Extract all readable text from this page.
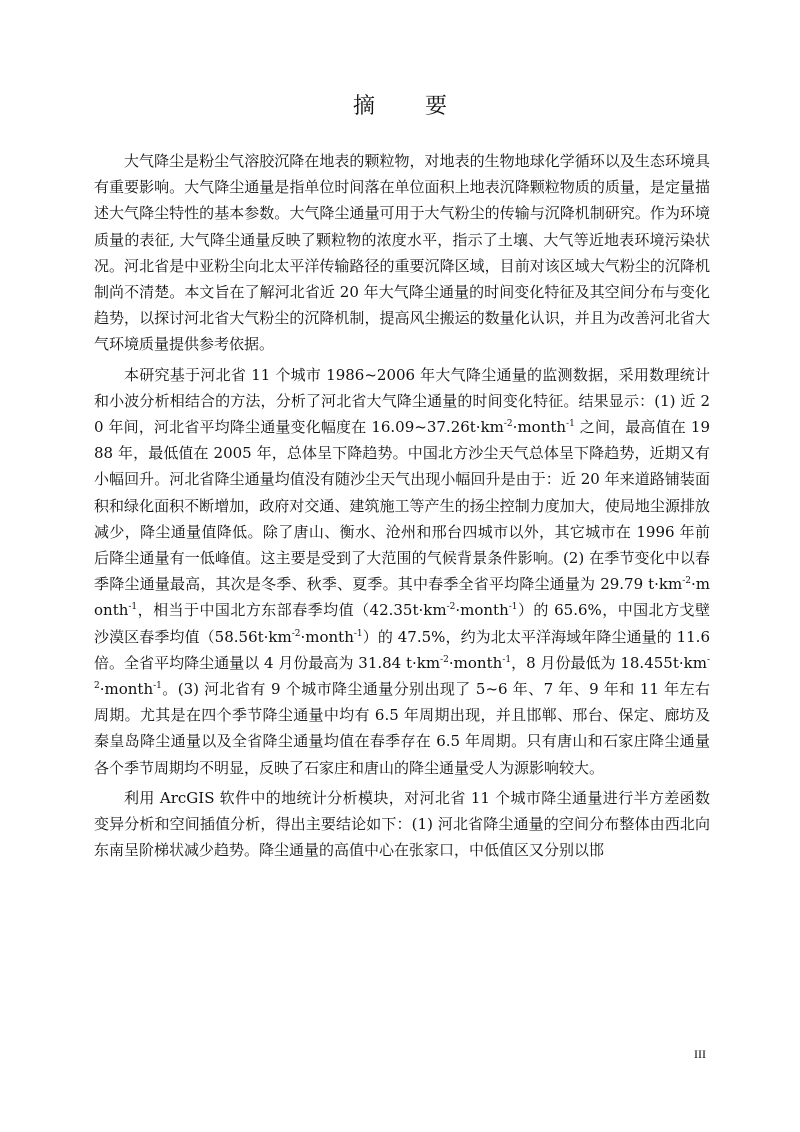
摘　要

大气降尘是粉尘气溶胶沉降在地表的颗粒物，对地表的生物地球化学循环以及生态环境具有重要影响。大气降尘通量是指单位时间落在单位面积上地表沉降颗粒物质的质量，是定量描述大气降尘特性的基本参数。大气降尘通量可用于大气粉尘的传输与沉降机制研究。作为环境质量的表征, 大气降尘通量反映了颗粒物的浓度水平，指示了土壤、大气等近地表环境污染状况。河北省是中亚粉尘向北太平洋传输路径的重要沉降区域，目前对该区域大气粉尘的沉降机制尚不清楚。本文旨在了解河北省近 20 年大气降尘通量的时间变化特征及其空间分布与变化趋势，以探讨河北省大气粉尘的沉降机制，提高风尘搬运的数量化认识，并且为改善河北省大气环境质量提供参考依据。

本研究基于河北省 11 个城市 1986~2006 年大气降尘通量的监测数据，采用数理统计和小波分析相结合的方法，分析了河北省大气降尘通量的时间变化特征。结果显示：(1) 近 20 年间，河北省平均降尘通量变化幅度在 $16.09\sim 37.26t\cdot km^{-2}\cdot month^{-1}$ 之间，最高值在 1988 年，最低值在 2005 年，总体呈下降趋势。中国北方沙尘天气总体呈下降趋势，近期又有小幅回升。河北省降尘通量均值没有随沙尘天气出现小幅回升是由于：近 20 年来道路铺装面积和绿化面积不断增加，政府对交通、建筑施工等产生的扬尘控制力度加大，使局地尘源排放减少，降尘通量值降低。除了唐山、衡水、沧州和邢台四城市以外，其它城市在 1996 年前后降尘通量有一低峰值。这主要是受到了大范围的气候背景条件影响。(2) 在季节变化中以春季降尘通量最高，其次是冬季、秋季、夏季。其中春季全省平均降尘通量为 29.79 $t\cdot km^{-2}\cdot month^{-1}$，相当于中国北方东部春季均值$(42.35t\cdot km^{-2}\cdot month^{-1})$的 65.6%，中国北方戈壁沙漠区春季均值$(58.56t\cdot km^{-2}\cdot month^{-1})$的 47.5%，约为北太平洋海域年降尘通量的 11.6 倍。全省平均降尘通量以 4 月份最高为 31.84 $t\cdot km^{-2}\cdot month^{-1}$，8 月份最低为 $18.455t\cdot km^{-2}\cdot month^{-1}$。(3) 河北省有 9 个城市降尘通量分别出现了 5~6 年、7 年、9 年和 11 年左右周期。尤其是在四个季节降尘通量中均有 6.5 年周期出现，并且邯郸、邢台、保定、廊坊及秦皇岛降尘通量以及全省降尘通量均值在春季存在 6.5 年周期。只有唐山和石家庄降尘通量各个季节周期均不明显，反映了石家庄和唐山的降尘通量受人为源影响较大。

利用 ArcGIS 软件中的地统计分析模块，对河北省 11 个城市降尘通量进行半方差函数变异分析和空间插值分析，得出主要结论如下：(1) 河北省降尘通量的空间分布整体由西北向东南呈阶梯状减少趋势。降尘通量的高值中心在张家口，中低值区又分别以邯

III
